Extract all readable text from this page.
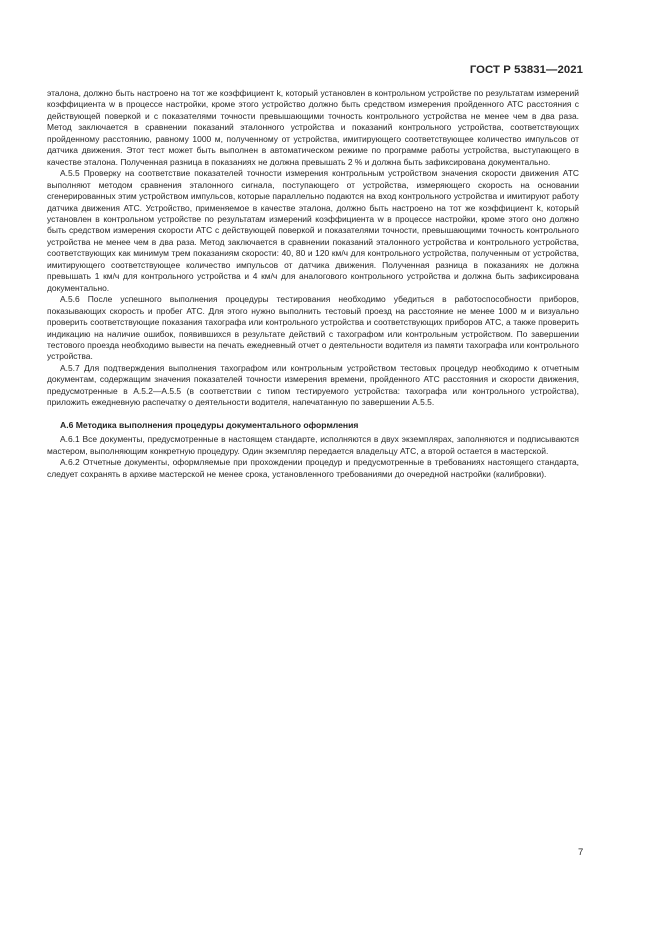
ГОСТ Р 53831—2021

эталона, должно быть настроено на тот же коэффициент k, который установлен в контрольном устройстве по результатам измерений коэффициента w в процессе настройки, кроме этого устройство должно быть средством измерения пройденного АТС расстояния с действующей поверкой и с показателями точности превышающими точность контрольного устройства не менее чем в два раза. Метод заключается в сравнении показаний эталонного устройства и показаний контрольного устройства, соответствующих пройденному расстоянию, равному 1000 м, полученному от устройства, имитирующего соответствующее количество импульсов от датчика движения. Этот тест может быть выполнен в автоматическом режиме по программе работы устройства, выступающего в качестве эталона. Полученная разница в показаниях не должна превышать 2 % и должна быть зафиксирована документально.

А.5.5 Проверку на соответствие показателей точности измерения контрольным устройством значения скорости движения АТС выполняют методом сравнения эталонного сигнала, поступающего от устройства, измеряющего скорость на основании сгенерированных этим устройством импульсов, которые параллельно подаются на вход контрольного устройства и имитируют работу датчика движения АТС. Устройство, применяемое в качестве эталона, должно быть настроено на тот же коэффициент k, который установлен в контрольном устройстве по результатам измерений коэффициента w в процессе настройки, кроме этого оно должно быть средством измерения скорости АТС с действующей поверкой и показателями точности, превышающими точность контрольного устройства не менее чем в два раза. Метод заключается в сравнении показаний эталонного устройства и контрольного устройства, соответствующих как минимум трем показаниям скорости: 40, 80 и 120 км/ч для контрольного устройства, полученным от устройства, имитирующего соответствующее количество импульсов от датчика движения. Полученная разница в показаниях не должна превышать 1 км/ч для контрольного устройства и 4 км/ч для аналогового контрольного устройства и должна быть зафиксирована документально.

А.5.6 После успешного выполнения процедуры тестирования необходимо убедиться в работоспособности приборов, показывающих скорость и пробег АТС. Для этого нужно выполнить тестовый проезд на расстояние не менее 1000 м и визуально проверить соответствующие показания тахографа или контрольного устройства и соответствующих приборов АТС, а также проверить индикацию на наличие ошибок, появившихся в результате действий с тахографом или контрольным устройством. По завершении тестового проезда необходимо вывести на печать ежедневный отчет о деятельности водителя из памяти тахографа или контрольного устройства.

А.5.7 Для подтверждения выполнения тахографом или контрольным устройством тестовых процедур необходимо к отчетным документам, содержащим значения показателей точности измерения времени, пройденного АТС расстояния и скорости движения, предусмотренные в А.5.2—А.5.5 (в соответствии с типом тестируемого устройства: тахографа или контрольного устройства), приложить ежедневную распечатку о деятельности водителя, напечатанную по завершении А.5.5.

А.6 Методика выполнения процедуры документального оформления

А.6.1 Все документы, предусмотренные в настоящем стандарте, исполняются в двух экземплярах, заполняются и подписываются мастером, выполняющим конкретную процедуру. Один экземпляр передается владельцу АТС, а второй остается в мастерской.

А.6.2 Отчетные документы, оформляемые при прохождении процедур и предусмотренные в требованиях настоящего стандарта, следует сохранять в архиве мастерской не менее срока, установленного требованиями до очередной настройки (калибровки).

7
